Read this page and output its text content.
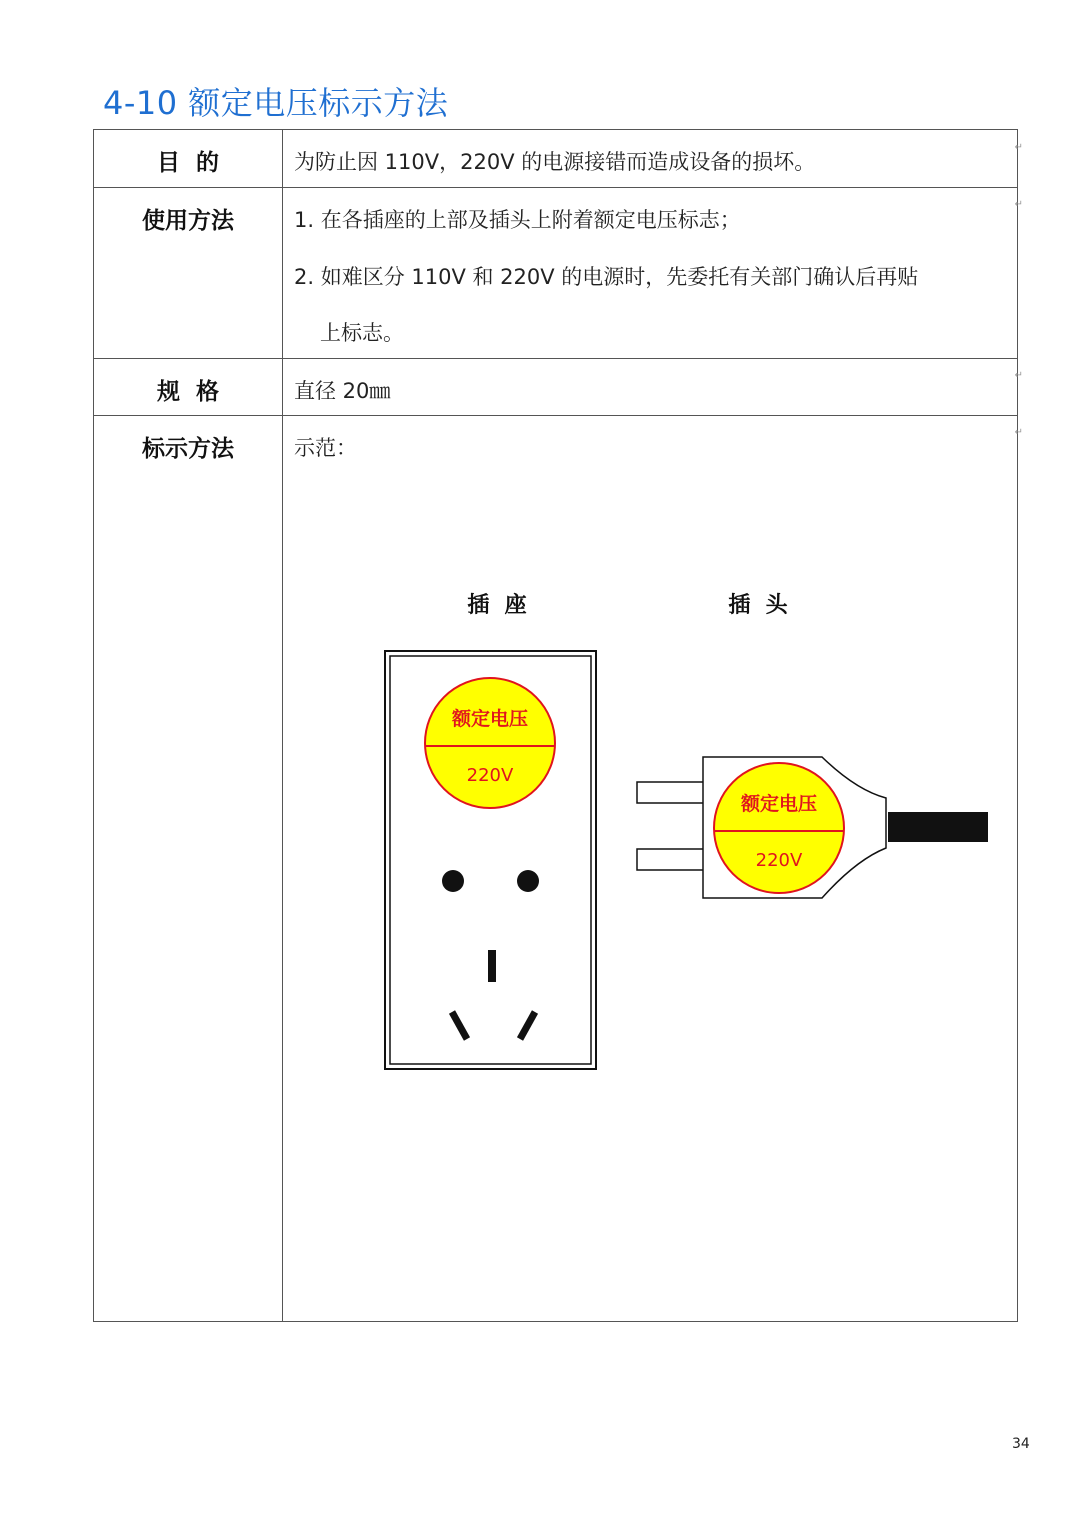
4-10 额定电压标示方法
目  的	为防止因 110V，220V 的电源接错而造成设备的损坏。
↵
使用方法	1. 在各插座的上部及插头上附着额定电压标志；
2. 如难区分 110V 和 220V 的电源时，先委托有关部门确认后再贴
上标志。
↵
规  格	直径 20㎜
↵
标示方法	示范：
↵
插  座	插  头
额定电压
220V
额定电压
220V
34
